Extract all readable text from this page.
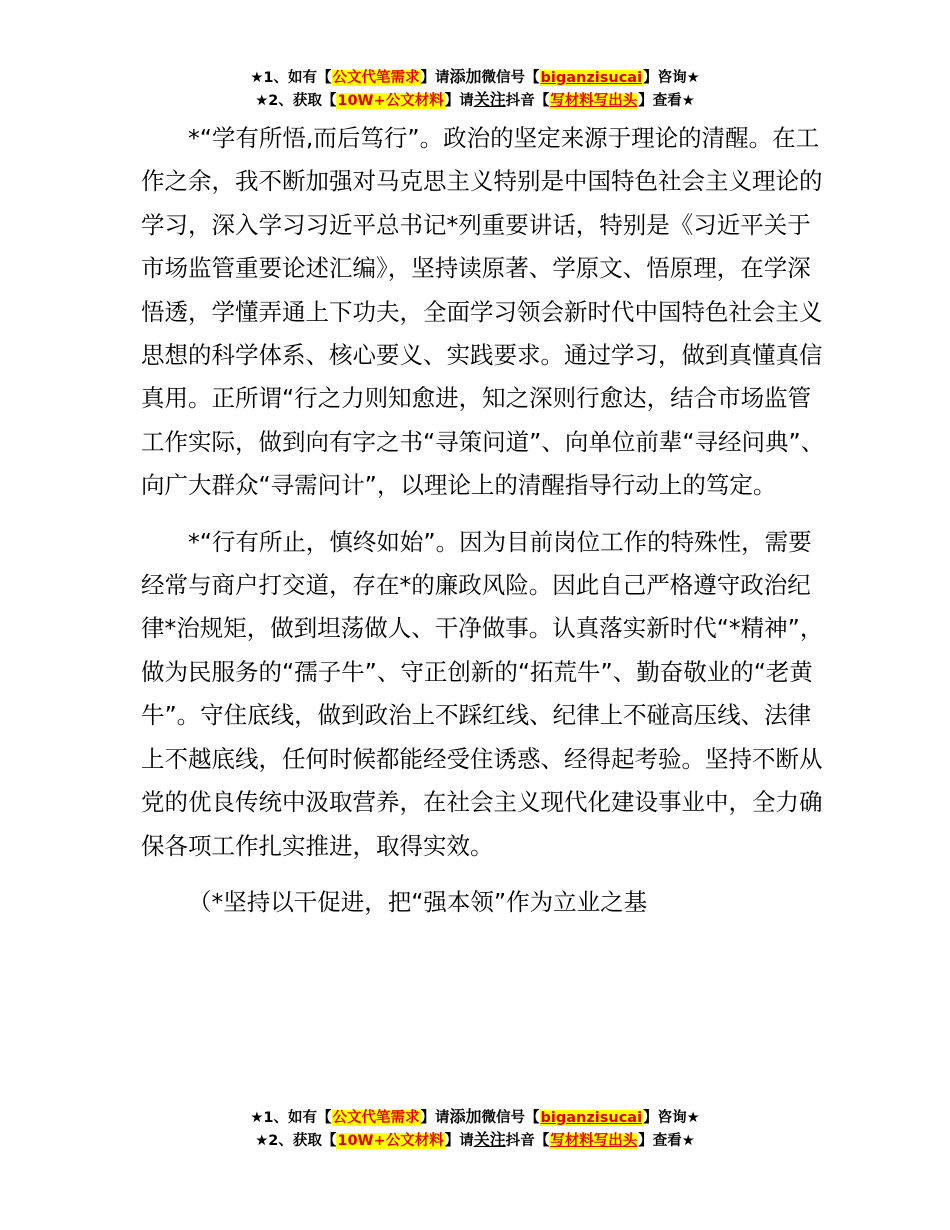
★1、如有【公文代笔需求】请添加微信号【biganzisucai】咨询★
★2、获取【10W+公文材料】请关注抖音【写材料写出头】查看★

*“学有所悟,而后笃行”。政治的坚定来源于理论的清醒。在工作之余，我不断加强对马克思主义特别是中国特色社会主义理论的学习，深入学习习近平总书记*列重要讲话，特别是《习近平关于市场监管重要论述汇编》，坚持读原著、学原文、悟原理，在学深悟透，学懂弄通上下功夫，全面学习领会新时代中国特色社会主义思想的科学体系、核心要义、实践要求。通过学习，做到真懂真信真用。正所谓“行之力则知愈进，知之深则行愈达，结合市场监管工作实际，做到向有字之书“寻策问道”、向单位前辈“寻经问典”、向广大群众“寻需问计”，以理论上的清醒指导行动上的笃定。

*“行有所止，慎终如始”。因为目前岗位工作的特殊性，需要经常与商户打交道，存在*的廉政风险。因此自己严格遵守政治纪律*治规矩，做到坦荡做人、干净做事。认真落实新时代“*精神”，做为民服务的“孺子牛”、守正创新的“拓荒牛”、勤奋敬业的“老黄牛”。守住底线，做到政治上不踩红线、纪律上不碰高压线、法律上不越底线，任何时候都能经受住诱惑、经得起考验。坚持不断从党的优良传统中汲取营养，在社会主义现代化建设事业中，全力确保各项工作扎实推进，取得实效。

（*坚持以干促进，把“强本领”作为立业之基

★1、如有【公文代笔需求】请添加微信号【biganzisucai】咨询★
★2、获取【10W+公文材料】请关注抖音【写材料写出头】查看★
